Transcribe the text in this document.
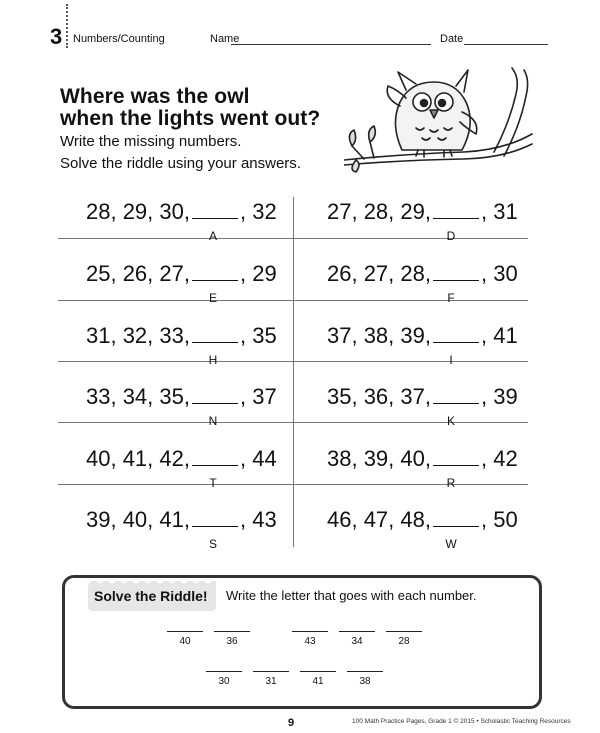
3 Numbers/Counting	Name	Date
Where was the owl
when the lights went out?
Write the missing numbers.
Solve the riddle using your answers.
28, 29, 30, , 32
A
27, 28, 29, , 31
D
25, 26, 27, , 29
E
26, 27, 28, , 30
F
31, 32, 33, , 35
H
37, 38, 39, , 41
I
33, 34, 35, , 37
N
35, 36, 37, , 39
K
40, 41, 42, , 44
T
38, 39, 40, , 42
R
39, 40, 41, , 43
S
46, 47, 48, , 50
W
Solve the Riddle! Write the letter that goes with each number.
40	36	43	34	28
30	31	41	38
9	100 Math Practice Pages, Grade 1 © 2015 • Scholastic Teaching Resources
